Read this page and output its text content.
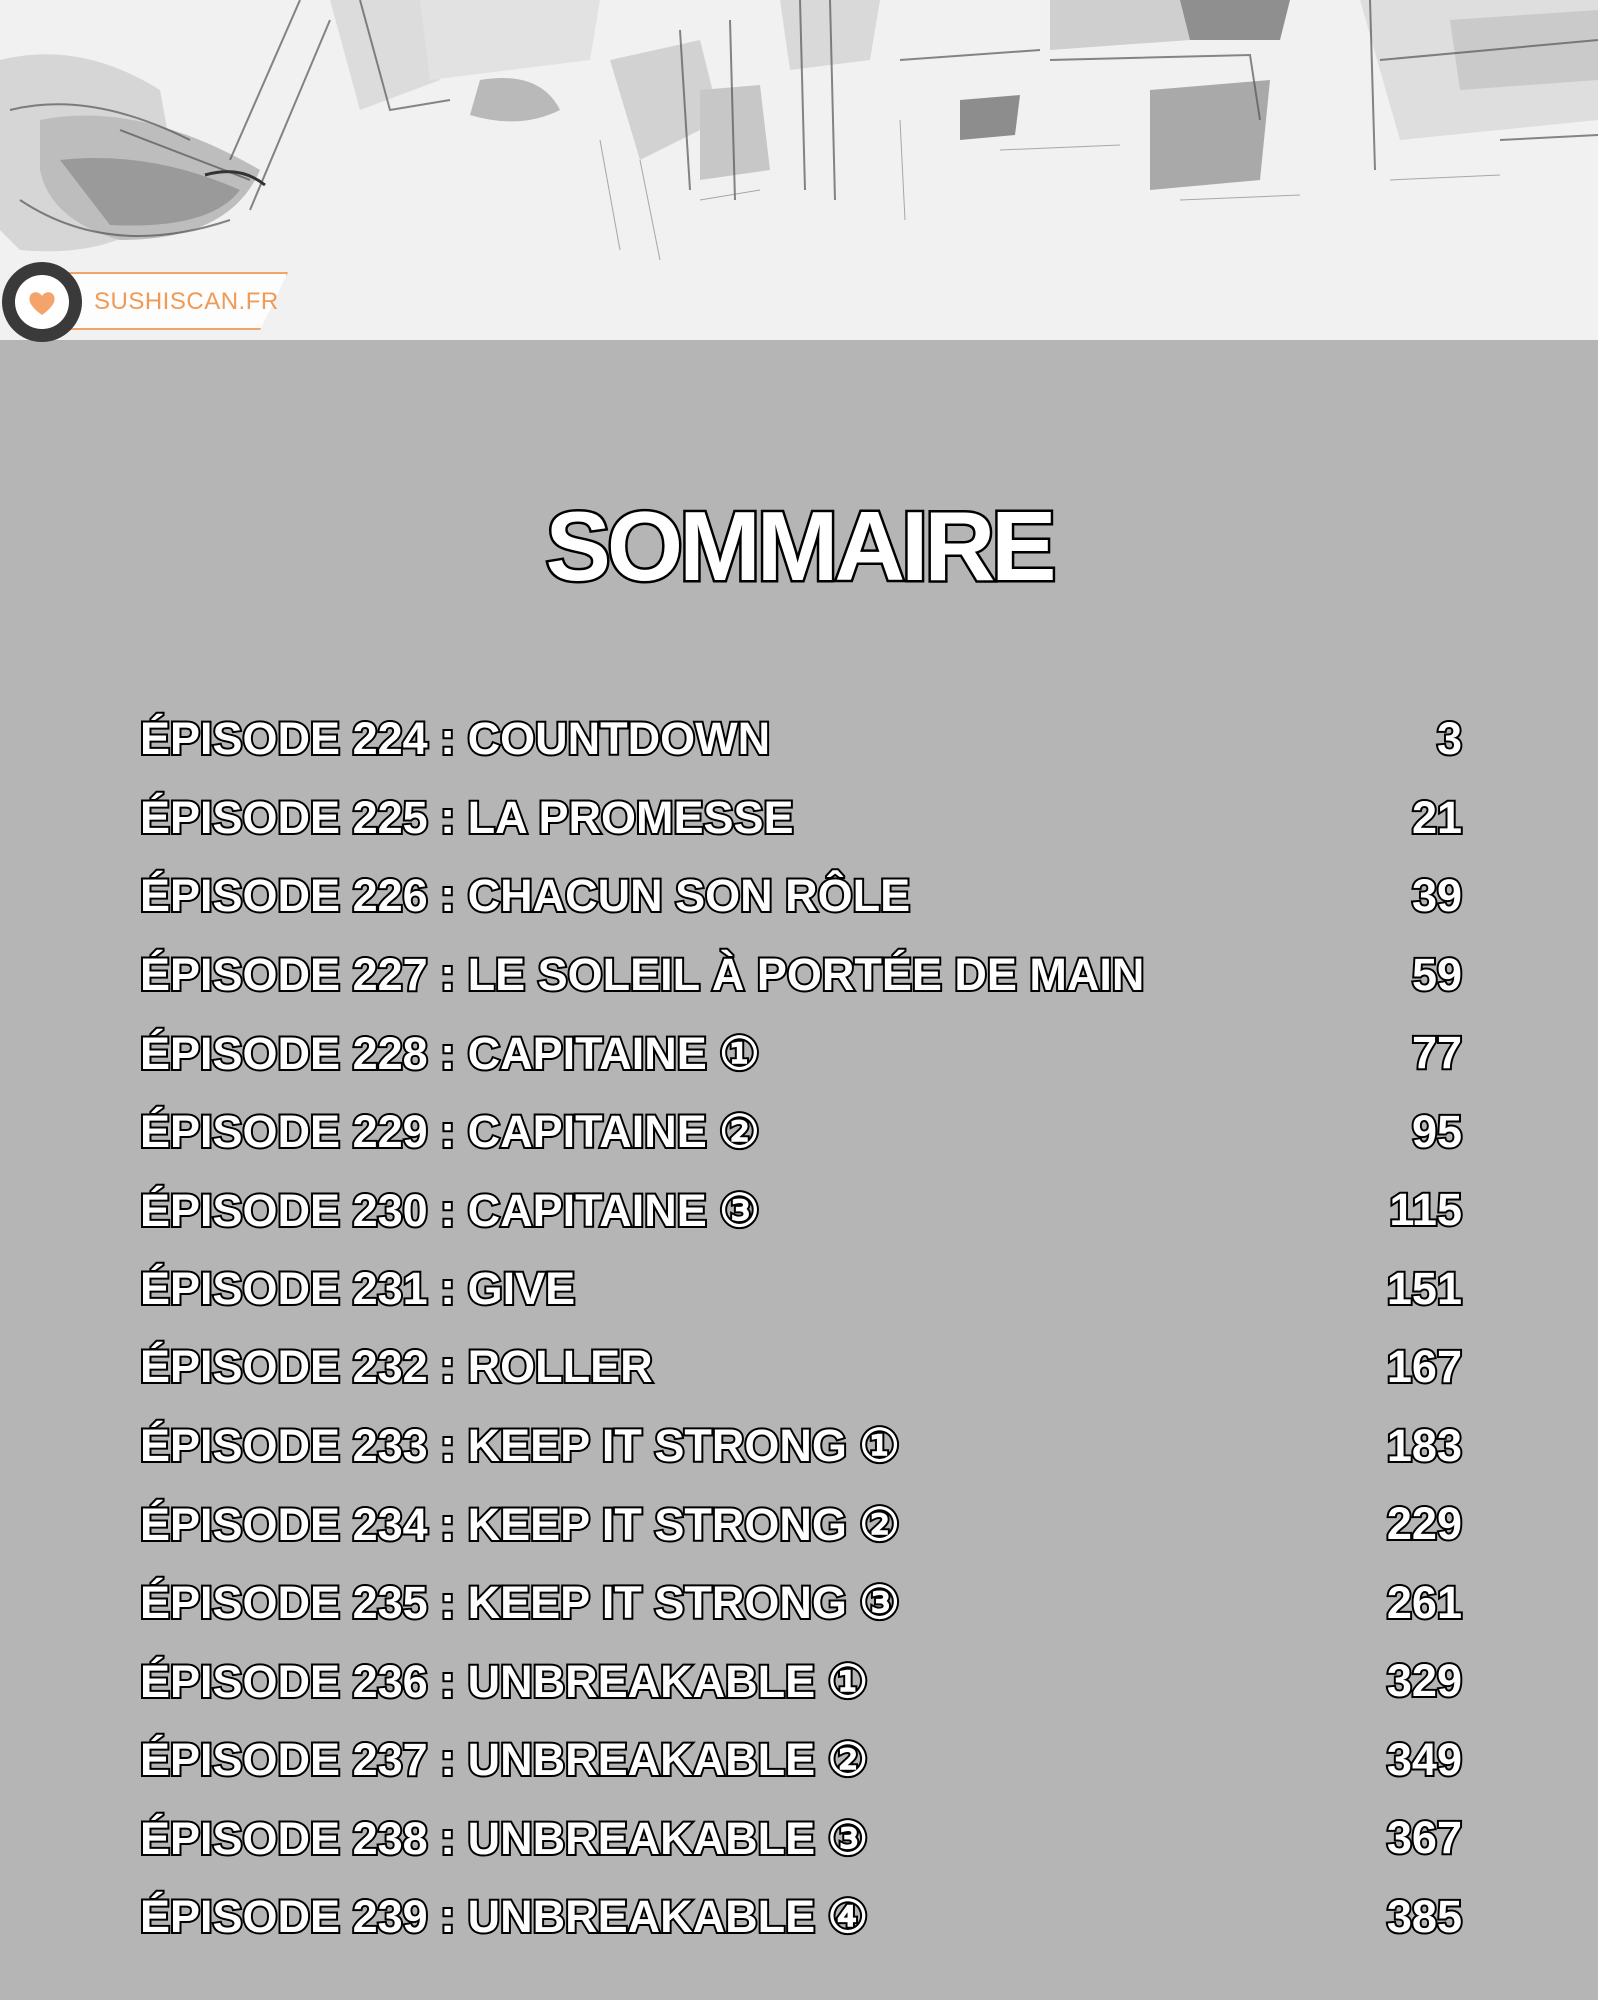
SUSHISCAN.FR
SOMMAIRE
ÉPISODE 224 : COUNTDOWN	3
ÉPISODE 225 : LA PROMESSE	21
ÉPISODE 226 : CHACUN SON RÔLE	39
ÉPISODE 227 : LE SOLEIL À PORTÉE DE MAIN	59
ÉPISODE 228 : CAPITAINE ①	77
ÉPISODE 229 : CAPITAINE ②	95
ÉPISODE 230 : CAPITAINE ③	115
ÉPISODE 231 : GIVE	151
ÉPISODE 232 : ROLLER	167
ÉPISODE 233 : KEEP IT STRONG ①	183
ÉPISODE 234 : KEEP IT STRONG ②	229
ÉPISODE 235 : KEEP IT STRONG ③	261
ÉPISODE 236 : UNBREAKABLE ①	329
ÉPISODE 237 : UNBREAKABLE ②	349
ÉPISODE 238 : UNBREAKABLE ③	367
ÉPISODE 239 : UNBREAKABLE ④	385
